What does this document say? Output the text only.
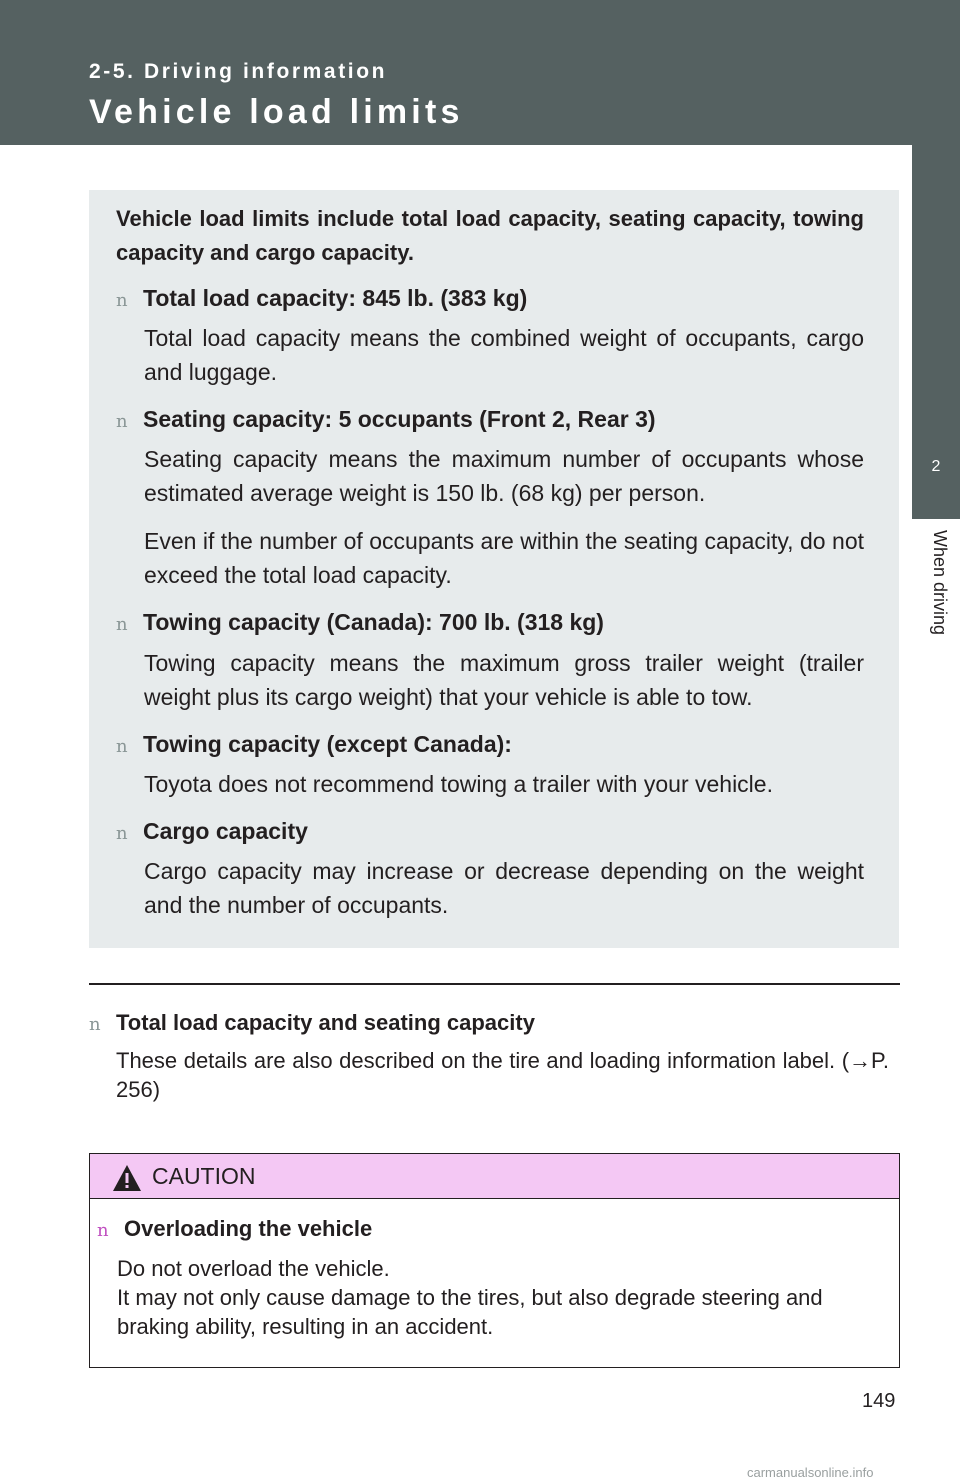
2-5. Driving information
Vehicle load limits
2
When driving
Vehicle load limits include total load capacity, seating capacity, towing capacity and cargo capacity.
n Total load capacity: 845 lb. (383 kg)
Total load capacity means the combined weight of occupants, cargo and luggage.
n Seating capacity: 5 occupants (Front 2, Rear 3)
Seating capacity means the maximum number of occupants whose estimated average weight is 150 lb. (68 kg) per person.
Even if the number of occupants are within the seating capacity, do not exceed the total load capacity.
n Towing capacity (Canada): 700 lb. (318 kg)
Towing capacity means the maximum gross trailer weight (trailer weight plus its cargo weight) that your vehicle is able to tow.
n Towing capacity (except Canada):
Toyota does not recommend towing a trailer with your vehicle.
n Cargo capacity
Cargo capacity may increase or decrease depending on the weight and the number of occupants.
n Total load capacity and seating capacity
These details are also described on the tire and loading information label. (→P. 256)
CAUTION
n Overloading the vehicle
Do not overload the vehicle.
It may not only cause damage to the tires, but also degrade steering and braking ability, resulting in an accident.
149
carmanualsonline.info
